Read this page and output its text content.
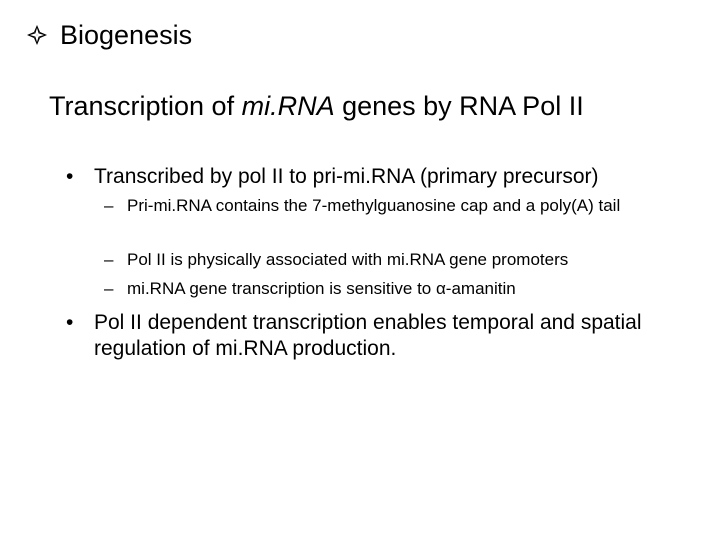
Biogenesis
Transcription of mi.RNA genes by RNA Pol II
• Transcribed by pol II to pri-mi.RNA (primary precursor)
– Pri-mi.RNA contains the 7-methylguanosine cap and a poly(A) tail
– Pol II is physically associated with mi.RNA gene promoters
– mi.RNA gene transcription is sensitive to α-amanitin
• Pol II dependent transcription enables temporal and spatial regulation of mi.RNA production.
